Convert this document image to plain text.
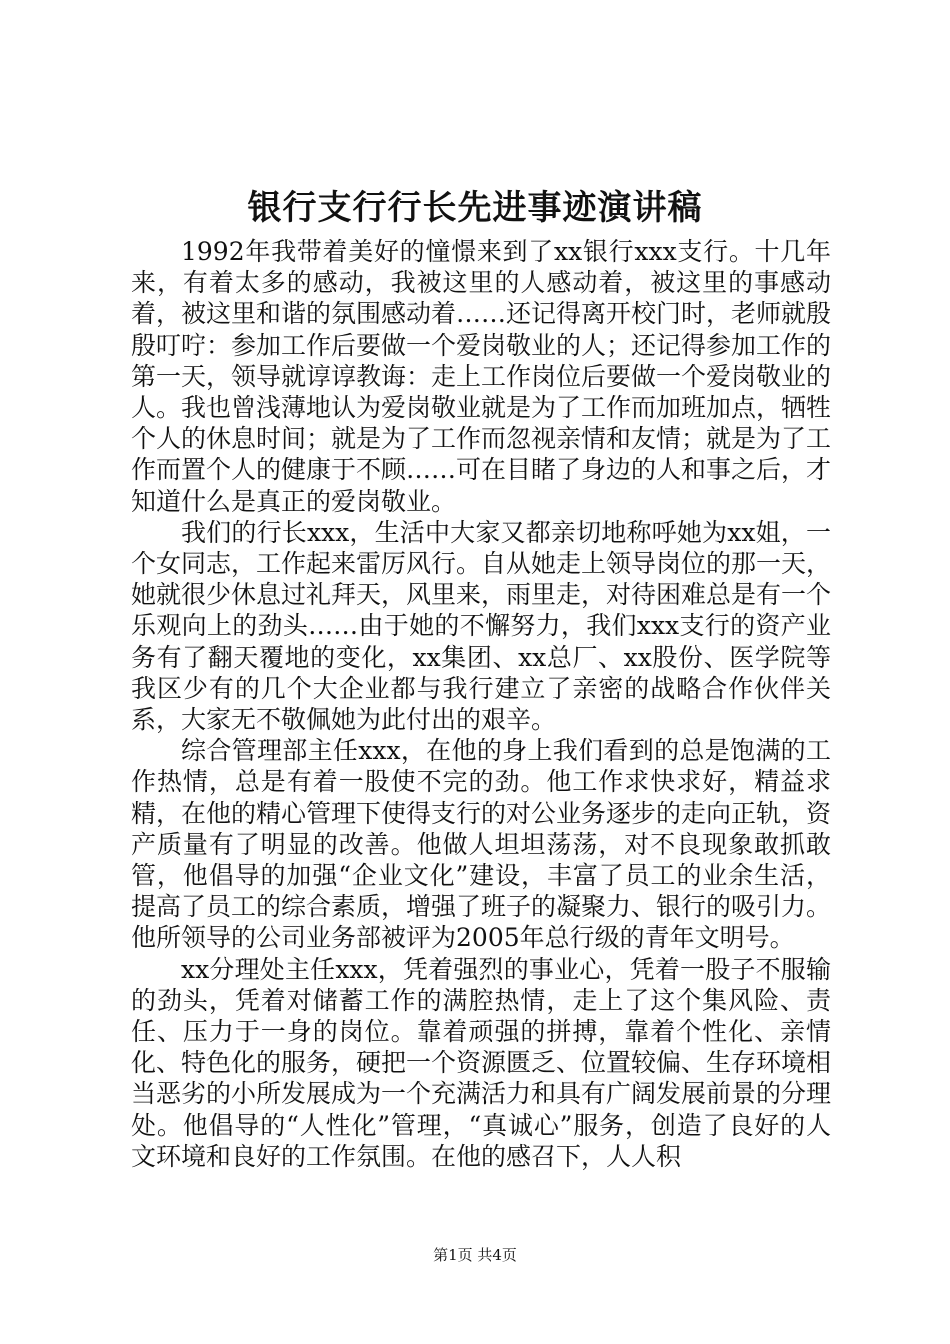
银行支行行长先进事迹演讲稿

1992年我带着美好的憧憬来到了xx银行xxx支行。十几年来，有着太多的感动，我被这里的人感动着，被这里的事感动着，被这里和谐的氛围感动着……还记得离开校门时，老师就殷殷叮咛：参加工作后要做一个爱岗敬业的人；还记得参加工作的第一天，领导就谆谆教诲：走上工作岗位后要做一个爱岗敬业的人。我也曾浅薄地认为爱岗敬业就是为了工作而加班加点，牺牲个人的休息时间；就是为了工作而忽视亲情和友情；就是为了工作而置个人的健康于不顾……可在目睹了身边的人和事之后，才知道什么是真正的爱岗敬业。

我们的行长xxx，生活中大家又都亲切地称呼她为xx姐，一个女同志，工作起来雷厉风行。自从她走上领导岗位的那一天，她就很少休息过礼拜天，风里来，雨里走，对待困难总是有一个乐观向上的劲头……由于她的不懈努力，我们xxx支行的资产业务有了翻天覆地的变化，xx集团、xx总厂、xx股份、医学院等我区少有的几个大企业都与我行建立了亲密的战略合作伙伴关系，大家无不敬佩她为此付出的艰辛。

综合管理部主任xxx，在他的身上我们看到的总是饱满的工作热情，总是有着一股使不完的劲。他工作求快求好，精益求精，在他的精心管理下使得支行的对公业务逐步的走向正轨，资产质量有了明显的改善。他做人坦坦荡荡，对不良现象敢抓敢管，他倡导的加强“企业文化”建设，丰富了员工的业余生活，提高了员工的综合素质，增强了班子的凝聚力、银行的吸引力。他所领导的公司业务部被评为2005年总行级的青年文明号。

xx分理处主任xxx，凭着强烈的事业心，凭着一股子不服输的劲头，凭着对储蓄工作的满腔热情，走上了这个集风险、责任、压力于一身的岗位。靠着顽强的拼搏，靠着个性化、亲情化、特色化的服务，硬把一个资源匮乏、位置较偏、生存环境相当恶劣的小所发展成为一个充满活力和具有广阔发展前景的分理处。他倡导的“人性化”管理，“真诚心”服务，创造了良好的人文环境和良好的工作氛围。在他的感召下，人人积

第1页 共4页
